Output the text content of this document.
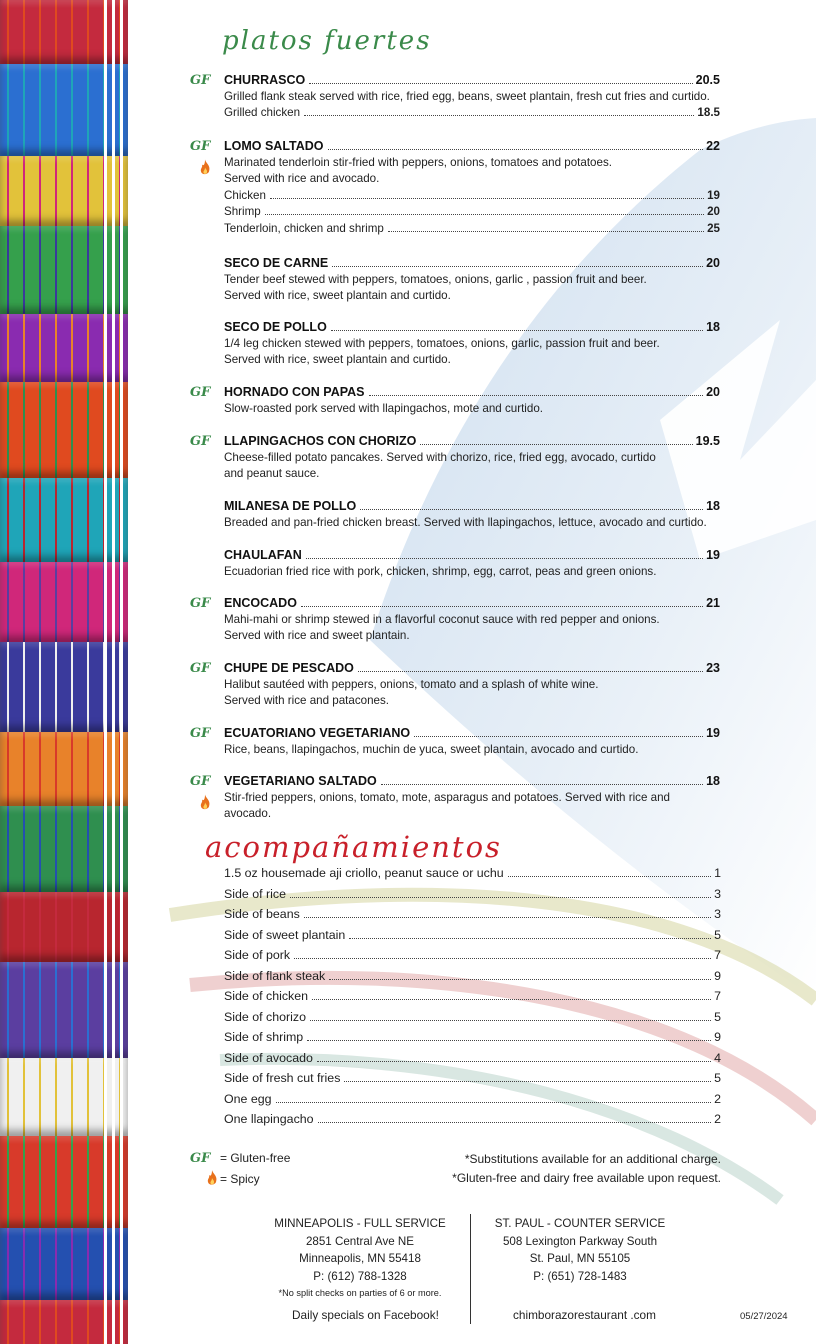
platos fuertes
CHURRASCO	20.5
Grilled flank steak served with rice, fried egg, beans, sweet plantain, fresh cut fries and curtido.
Grilled chicken	18.5
GF
LOMO SALTADO	22
Marinated tenderloin stir-fried with peppers, onions, tomatoes and potatoes.
Served with rice and avocado.
Chicken	19
Shrimp	20
Tenderloin, chicken and shrimp	25
GF
SECO DE CARNE	20
Tender beef stewed with peppers, tomatoes, onions, garlic , passion fruit and beer.
Served with rice, sweet plantain and curtido.
SECO DE POLLO	18
1/4 leg chicken stewed with peppers, tomatoes, onions, garlic, passion fruit and beer.
Served with rice, sweet plantain and curtido.
HORNADO CON PAPAS	20
Slow-roasted pork served with llapingachos, mote and curtido.
GF
LLAPINGACHOS CON CHORIZO	19.5
Cheese-filled potato pancakes. Served with chorizo, rice, fried egg, avocado, curtido
and peanut sauce.
GF
MILANESA DE POLLO	18
Breaded and pan-fried chicken breast. Served with llapingachos, lettuce, avocado and curtido.
CHAULAFAN	19
Ecuadorian fried rice with pork, chicken, shrimp, egg, carrot, peas and green onions.
ENCOCADO	21
Mahi-mahi or shrimp stewed in a flavorful coconut sauce with red pepper and onions.
Served with rice and sweet plantain.
GF
CHUPE DE PESCADO	23
Halibut sautéed with peppers, onions, tomato and a splash of white wine.
Served with rice and patacones.
GF
ECUATORIANO VEGETARIANO	19
Rice, beans, llapingachos, muchin de yuca, sweet plantain, avocado and curtido.
GF
VEGETARIANO SALTADO	18
Stir-fried peppers, onions, tomato, mote, asparagus and potatoes. Served with rice and avocado.
GF
acompañamientos
1.5 oz housemade aji criollo, peanut sauce or uchu	1
Side of rice	3
Side of beans	3
Side of sweet plantain	5
Side of pork	7
Side of flank steak	9
Side of chicken	7
Side of chorizo	5
Side of shrimp	9
Side of avocado	4
Side of fresh cut fries	5
One egg	2
One llapingacho	2
GF = Gluten-free
= Spicy
*Substitutions available for an additional charge.
*Gluten-free and dairy free available upon request.
MINNEAPOLIS - FULL SERVICE
2851 Central Ave NE
Minneapolis, MN 55418
P: (612) 788-1328
*No split checks on parties of 6 or more.
ST. PAUL - COUNTER SERVICE
508 Lexington Parkway South
St. Paul, MN 55105
P: (651) 728-1483
Daily specials on Facebook!	chimborazorestaurant .com	05/27/2024
